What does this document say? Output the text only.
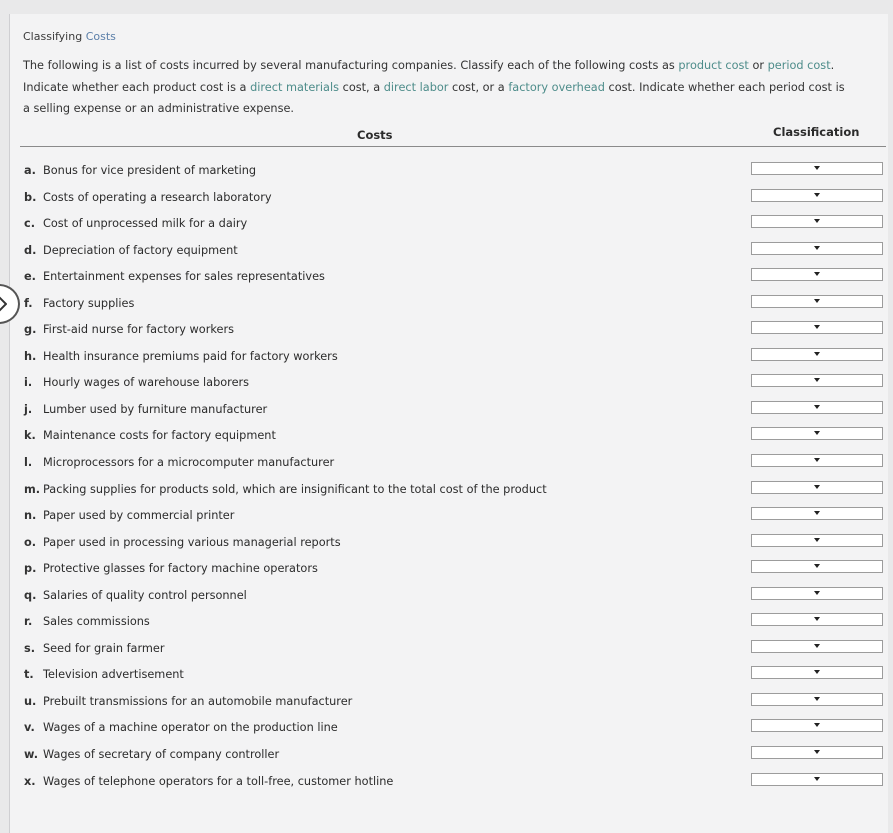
Classifying Costs
The following is a list of costs incurred by several manufacturing companies. Classify each of the following costs as product cost or period cost. Indicate whether each product cost is a direct materials cost, a direct labor cost, or a factory overhead cost. Indicate whether each period cost is a selling expense or an administrative expense.
Costs	Classification
a. Bonus for vice president of marketing
b. Costs of operating a research laboratory
c. Cost of unprocessed milk for a dairy
d. Depreciation of factory equipment
e. Entertainment expenses for sales representatives
f. Factory supplies
g. First-aid nurse for factory workers
h. Health insurance premiums paid for factory workers
i. Hourly wages of warehouse laborers
j. Lumber used by furniture manufacturer
k. Maintenance costs for factory equipment
l. Microprocessors for a microcomputer manufacturer
m. Packing supplies for products sold, which are insignificant to the total cost of the product
n. Paper used by commercial printer
o. Paper used in processing various managerial reports
p. Protective glasses for factory machine operators
q. Salaries of quality control personnel
r. Sales commissions
s. Seed for grain farmer
t. Television advertisement
u. Prebuilt transmissions for an automobile manufacturer
v. Wages of a machine operator on the production line
w. Wages of secretary of company controller
x. Wages of telephone operators for a toll-free, customer hotline
